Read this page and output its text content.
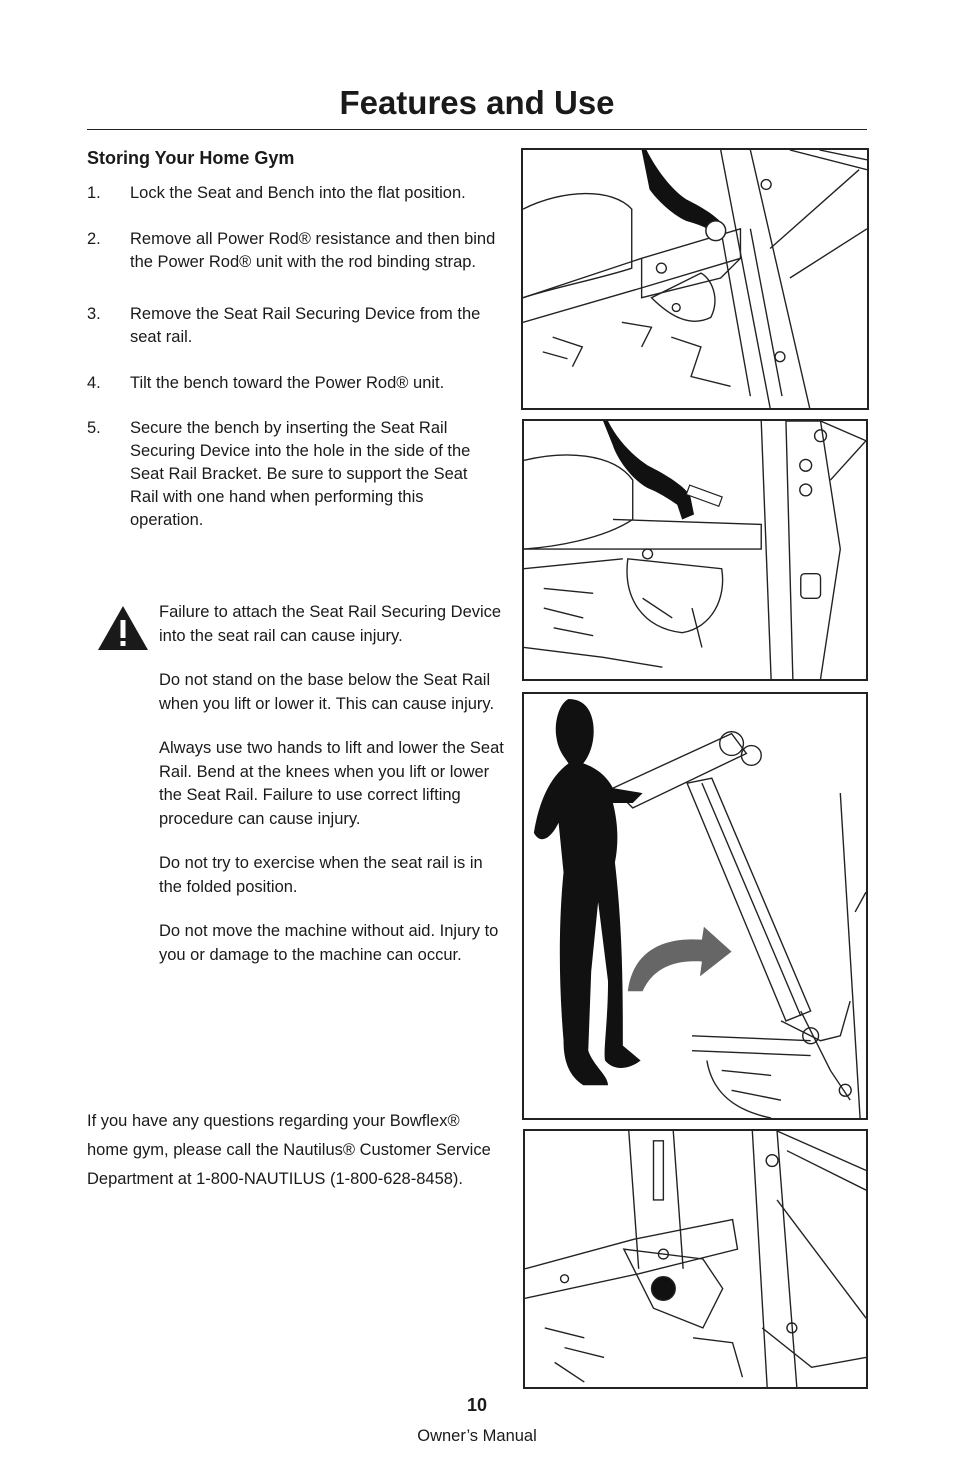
Features and Use
Storing Your Home Gym
1. Lock the Seat and Bench into the flat position.
2. Remove all Power Rod® resistance and then bind the Power Rod® unit with the rod binding strap.
3. Remove the Seat Rail Securing Device from the seat rail.
4. Tilt the bench toward the Power Rod® unit.
5. Secure the bench by inserting the Seat Rail Securing Device into the hole in the side of the Seat Rail Bracket. Be sure to support the Seat Rail with one hand when performing this operation.

Failure to attach the Seat Rail Securing Device into the seat rail can cause injury.

Do not stand on the base below the Seat Rail when you lift or lower it. This can cause injury.

Always use two hands to lift and lower the Seat Rail. Bend at the knees when you lift or lower the Seat Rail. Failure to use correct lifting procedure can cause injury.

Do not try to exercise when the seat rail is in the folded position.

Do not move the machine without aid. Injury to you or damage to the machine can occur.

If you have any questions regarding your Bowflex® home gym, please call the Nautilus® Customer Service Department at 1-800-NAUTILUS (1-800-628-8458).

10
Owner’s Manual
